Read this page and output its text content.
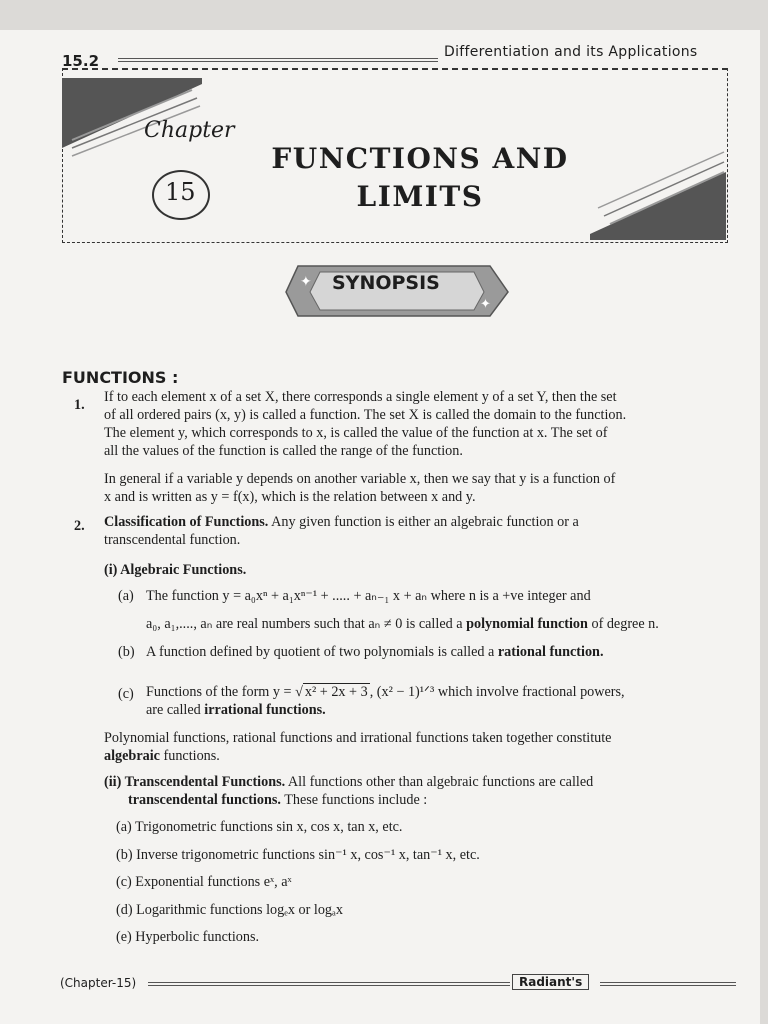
15.2	Differentiation and its Applications
Chapter
15
FUNCTIONS AND
LIMITS
✦
✦
SYNOPSIS
FUNCTIONS :
1. If to each element x of a set X, there corresponds a single element y of a set Y, then the set
of all ordered pairs (x, y) is called a function. The set X is called the domain to the function.
The element y, which corresponds to x, is called the value of the function at x. The set of
all the values of the function is called the range of the function.
In general if a variable y depends on another variable x, then we say that y is a function of
x and is written as y = f(x), which is the relation between x and y.
2. Classification of Functions. Any given function is either an algebraic function or a
transcendental function.
(i) Algebraic Functions.
(a) The function y = a₀xⁿ + a₁xⁿ⁻¹ + ..... + aₙ₋₁ x + aₙ where n is a +ve integer and
a₀, a₁,...., aₙ are real numbers such that aₙ ≠ 0 is called a polynomial function of degree n.
(b) A function defined by quotient of two polynomials is called a rational function.
(c) Functions of the form y = √ x² + 2x + 3 , (x² − 1)¹ᐟ³ which involve fractional powers,
are called irrational functions.
Polynomial functions, rational functions and irrational functions taken together constitute
algebraic functions.
(ii) Transcendental Functions. All functions other than algebraic functions are called
transcendental functions. These functions include :
(a) Trigonometric functions sin x, cos x, tan x, etc.
(b) Inverse trigonometric functions sin⁻¹ x, cos⁻¹ x, tan⁻¹ x, etc.
(c) Exponential functions eˣ, aˣ
(d) Logarithmic functions logₑx or logₐx
(e) Hyperbolic functions.
(Chapter-15)	Radiant's
